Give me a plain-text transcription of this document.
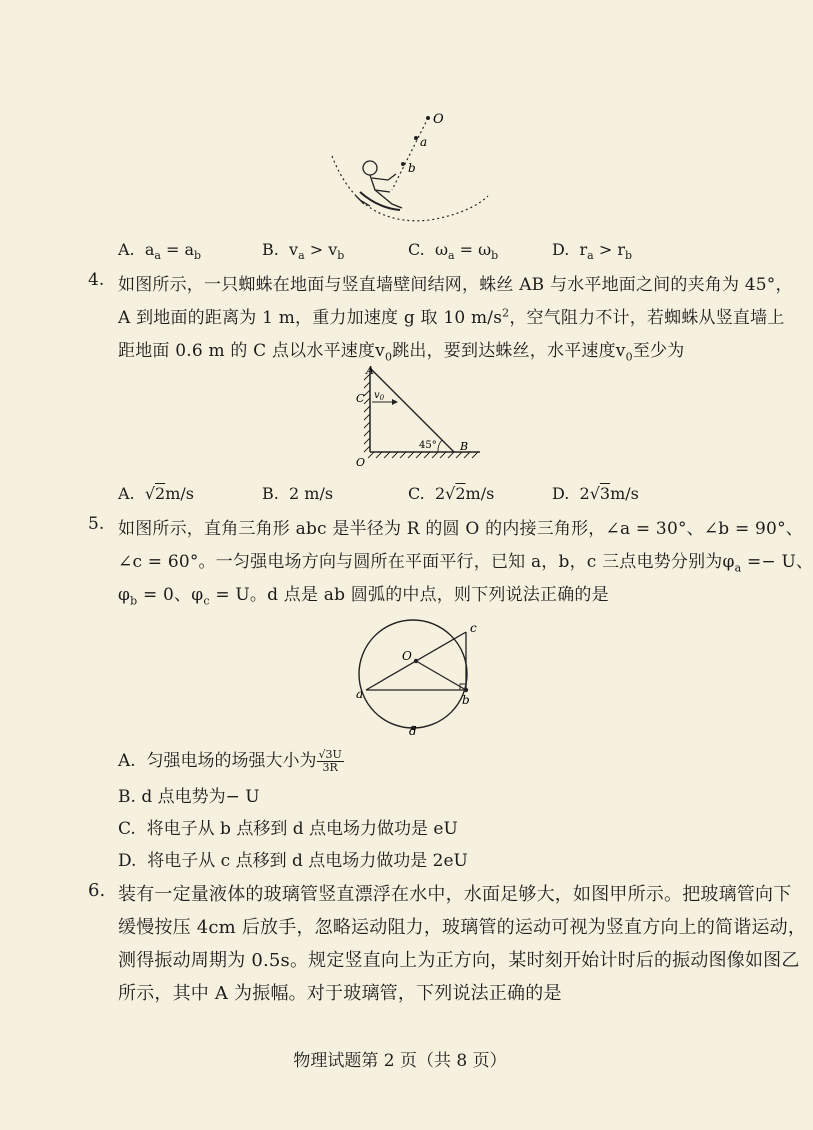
O
a
b
A. $a_a = a_b$	B. $v_a > v_b$	C. $\omega_a = \omega_b$	D. $r_a > r_b$
4. 如图所示，一只蜘蛛在地面与竖直墙壁间结网，蛛丝 AB 与水平地面之间的夹角为 45°，
A 到地面的距离为 1 m，重力加速度 g 取 10 $m/s^2$，空气阻力不计，若蜘蛛从竖直墙上
距地面 0.6 m 的 C 点以水平速度$v_0$跳出，要到达蛛丝，水平速度$v_0$至少为
A
C $v_0$
45° B
O
A. √2m/s	B. 2 m/s	C. 2√2m/s	D. 2√3m/s
5. 如图所示，直角三角形 abc 是半径为 R 的圆 O 的内接三角形，∠a = 30°、∠b = 90°、
∠c = 60°。一匀强电场方向与圆所在平面平行，已知 a，b，c 三点电势分别为$\varphi_a =- U$、
$\varphi_b = 0$、$\varphi_c = U$。d 点是 ab 圆弧的中点，则下列说法正确的是
c
O
a	b
d
A. 匀强电场的场强大小为 $\frac{√3U}{3R}$
B. d 点电势为− U
C. 将电子从 b 点移到 d 点电场力做功是 eU
D. 将电子从 c 点移到 d 点电场力做功是 2eU
6. 装有一定量液体的玻璃管竖直漂浮在水中，水面足够大，如图甲所示。把玻璃管向下
缓慢按压 4cm 后放手，忽略运动阻力，玻璃管的运动可视为竖直方向上的简谐运动，
测得振动周期为 0.5s。规定竖直向上为正方向，某时刻开始计时后的振动图像如图乙
所示，其中 A 为振幅。对于玻璃管，下列说法正确的是
物理试题第 2 页（共 8 页）
